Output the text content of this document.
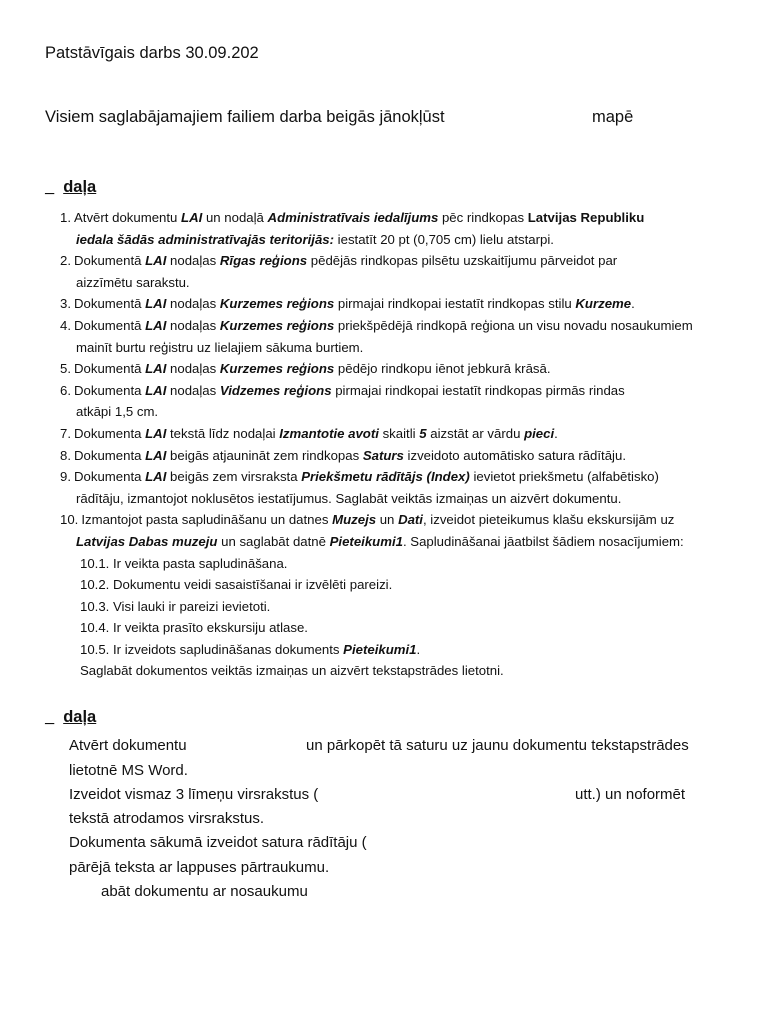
Patstāvīgais darbs 30.09.202
Visiem saglabājamajiem failiem darba beigās jānokļūst	mapē
_ daļa
1. Atvērt dokumentu LAI un nodaļā Administratīvais iedalījums pēc rindkopas Latvijas Republiku
iedala šādās administratīvajās teritorijās: iestatīt 20 pt (0,705 cm) lielu atstarpi.
2. Dokumentā LAI nodaļas Rīgas reģions pēdējās rindkopas pilsētu uzskaitījumu pārveidot par
aizzīmētu sarakstu.
3. Dokumentā LAI nodaļas Kurzemes reģions pirmajai rindkopai iestatīt rindkopas stilu Kurzeme.
4. Dokumentā LAI nodaļas Kurzemes reģions priekšpēdējā rindkopā reģiona un visu novadu nosaukumiem
mainīt burtu reģistru uz lielajiem sākuma burtiem.
5. Dokumentā LAI nodaļas Kurzemes reģions pēdējo rindkopu iēnot jebkurā krāsā.
6. Dokumenta LAI nodaļas Vidzemes reģions pirmajai rindkopai iestatīt rindkopas pirmās rindas
atkāpi 1,5 cm.
7. Dokumenta LAI tekstā līdz nodaļai Izmantotie avoti skaitli 5 aizstāt ar vārdu pieci.
8. Dokumenta LAI beigās atjaunināt zem rindkopas Saturs izveidoto automātisko satura rādītāju.
9. Dokumenta LAI beigās zem virsraksta Priekšmetu rādītājs (Index) ievietot priekšmetu (alfabētisko)
rādītāju, izmantojot noklusētos iestatījumus. Saglabāt veiktās izmaiņas un aizvērt dokumentu.
10. Izmantojot pasta sapludināšanu un datnes Muzejs un Dati, izveidot pieteikumus klašu ekskursijām uz
Latvijas Dabas muzeju un saglabāt datnē Pieteikumi1. Sapludināšanai jāatbilst šādiem nosacījumiem:
10.1. Ir veikta pasta sapludināšana.
10.2. Dokumentu veidi sasaistīšanai ir izvēlēti pareizi.
10.3. Visi lauki ir pareizi ievietoti.
10.4. Ir veikta prasīto ekskursiju atlase.
10.5. Ir izveidots sapludināšanas dokuments Pieteikumi1.
Saglabāt dokumentos veiktās izmaiņas un aizvērt tekstapstrādes lietotni.
_ daļa
Atvērt dokumentu	un pārkopēt tā saturu uz jaunu dokumentu tekstapstrādes
lietotnē MS Word.
Izveidot vismaz 3 līmeņu virsrakstus (	utt.) un noformēt
tekstā atrodamos virsrakstus.
Dokumenta sākumā izveidot satura rādītāju (
pārējā teksta ar lappuses pārtraukumu.
abāt dokumentu ar nosaukumu
